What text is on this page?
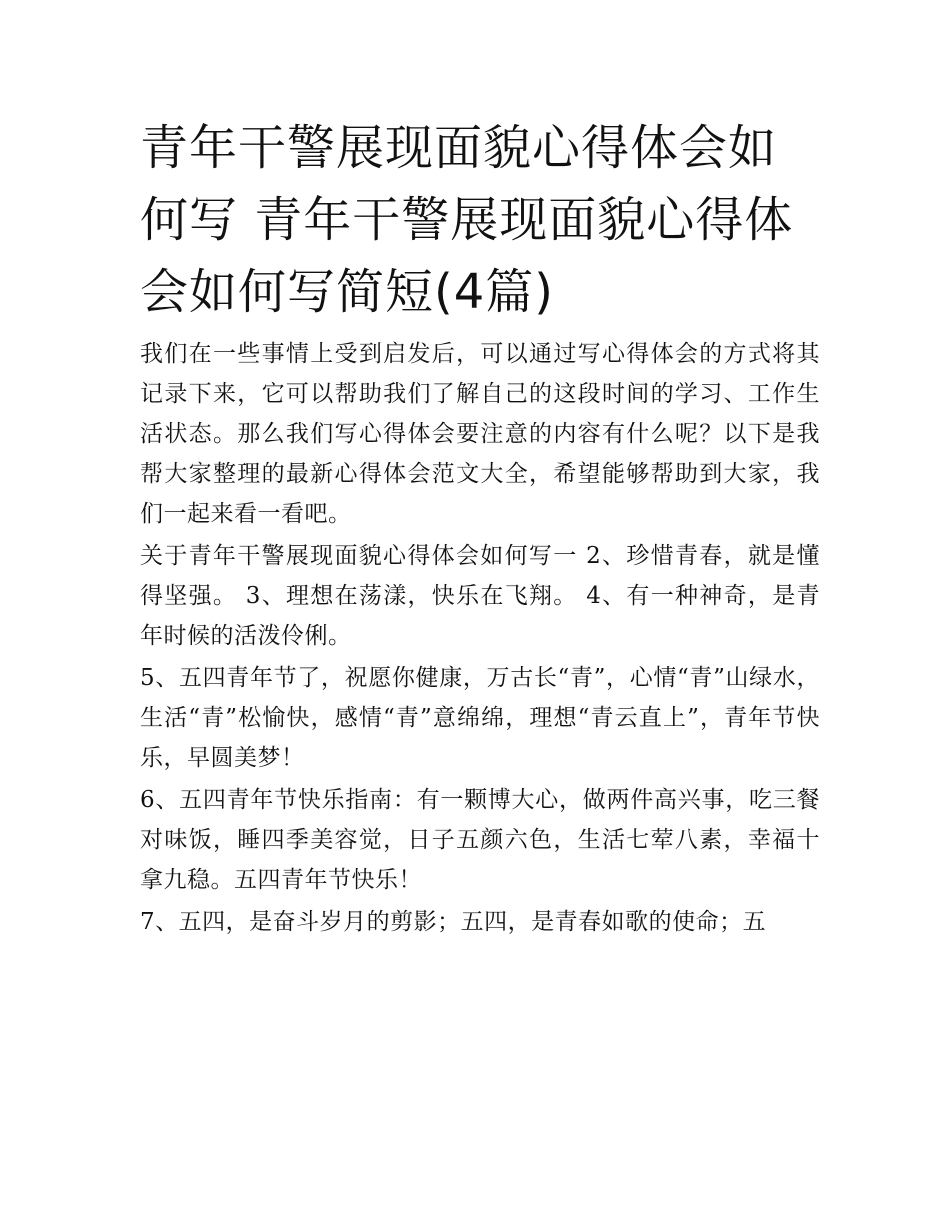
青年干警展现面貌心得体会如何写 青年干警展现面貌心得体会如何写简短(4篇)

我们在一些事情上受到启发后，可以通过写心得体会的方式将其记录下来，它可以帮助我们了解自己的这段时间的学习、工作生活状态。那么我们写心得体会要注意的内容有什么呢？以下是我帮大家整理的最新心得体会范文大全，希望能够帮助到大家，我们一起来看一看吧。

关于青年干警展现面貌心得体会如何写一 2、珍惜青春，就是懂得坚强。 3、理想在荡漾，快乐在飞翔。 4、有一种神奇，是青年时候的活泼伶俐。

5、五四青年节了，祝愿你健康，万古长“青”，心情“青”山绿水，生活“青”松愉快，感情“青”意绵绵，理想“青云直上”，青年节快乐，早圆美梦！

6、五四青年节快乐指南：有一颗博大心，做两件高兴事，吃三餐对味饭，睡四季美容觉，日子五颜六色，生活七荤八素，幸福十拿九稳。五四青年节快乐！

7、五四，是奋斗岁月的剪影；五四，是青春如歌的使命；五
